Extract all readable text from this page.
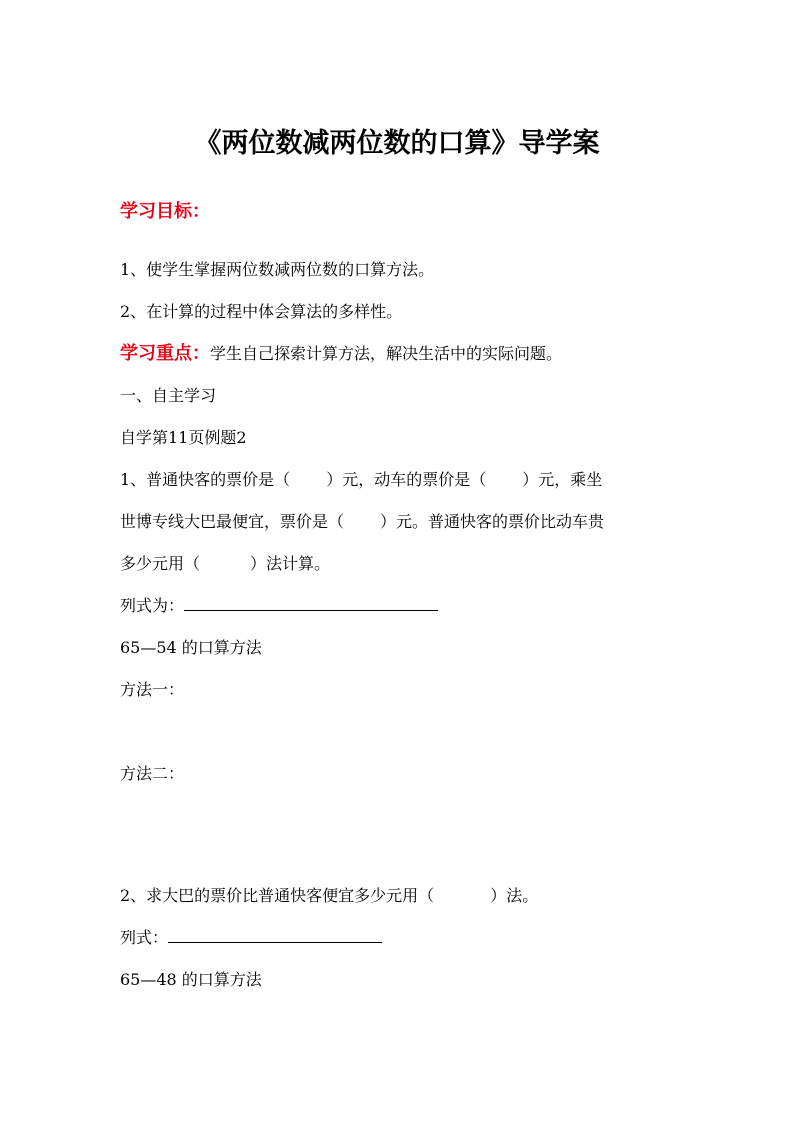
《两位数减两位数的口算》导学案
学习目标：
1、使学生掌握两位数减两位数的口算方法。
2、在计算的过程中体会算法的多样性。
学习重点：学生自己探索计算方法，解决生活中的实际问题。
一、自主学习
自学第11页例题2
1、普通快客的票价是（ ）元，动车的票价是（ ）元，乘坐
世博专线大巴最便宜，票价是（ ）元。普通快客的票价比动车贵
多少元用（	）法计算。
列式为：
65—54 的口算方法
方法一：
方法二：
2、求大巴的票价比普通快客便宜多少元用（	）法。
列式：
65—48 的口算方法
